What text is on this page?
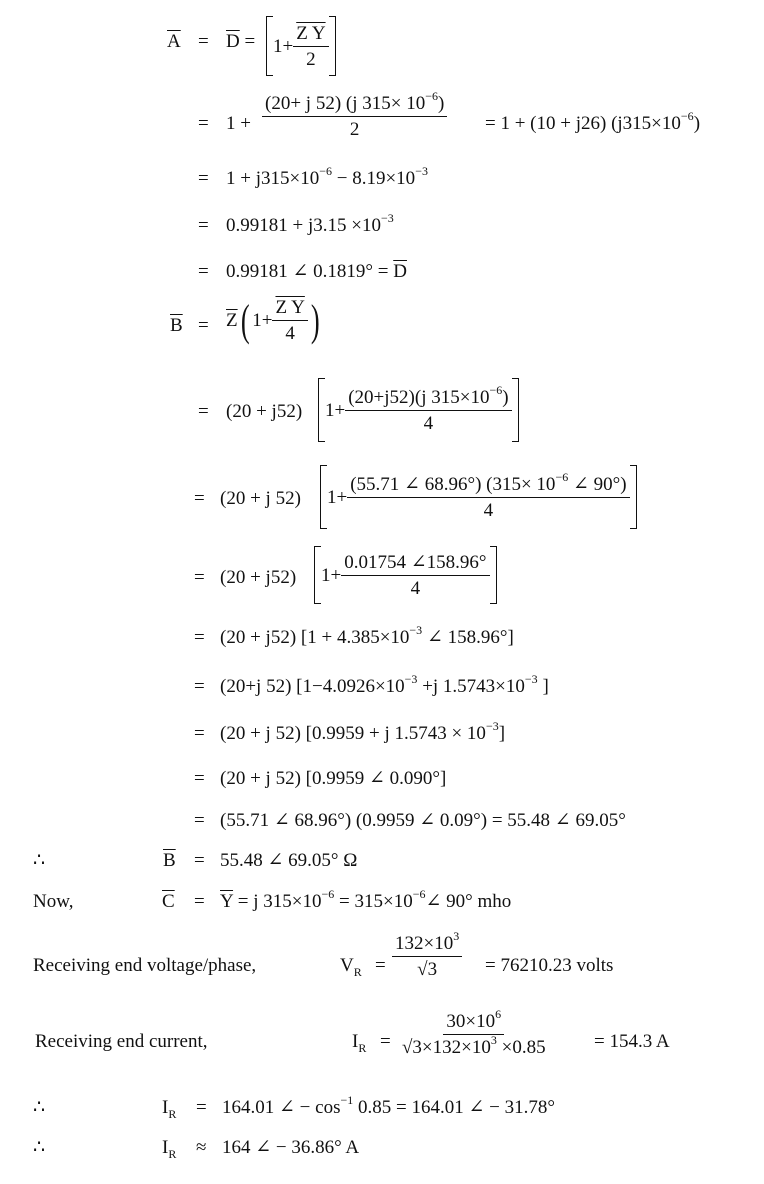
$\overline{A} = \overline{D} = 1+ \frac{\text{Z Y}}{2}$
= $1 + \frac{(20+ j 52) (j 315\times 10^{-6})}{2} = 1 + (10 + j26)$ $(j315\times 10^{-6})$
= $1 + j315\times 10^{-6} - 8.19\times 10^{-3}$
= $0.99181 + j3.15 \times 10^{-3}$
= 0.99181 ∠ $0.1819^\circ = \overline{D}$
$\overline{B} = \overline{Z}$ ( $1+ \frac{\text{Z Y}}{4}$ )
= (20 + j52) $1+ \frac{(20+j52)(j 315\times 10^{-6})}{4}$
= (20 + j 52) $1+ \frac{(55.71 \angle 68.96^\circ) (315\times 10^{-6} \angle 90^\circ)}{4}$
= (20 + j52) $1+ \frac{0.01754 \angle 158.96^\circ}{4}$
= (20 + j52) [$1 + 4.385\times 10^{-3}$ ∠ 158.96°]
= (20+j 52) [$1-4.0926\times 10^{-3} +j$ $1.5743\times 10^{-3}$ ]
= (20 + j 52) [0.9959 + j $1.5743 \times 10^{-3}$]
= (20 + j 52) [0.9959 ∠ 0.090°]
= (55.71 ∠ 68.96°) (0.9959 ∠ 0.09°) = 55.48 ∠ 69.05°
∴	$\overline{B} = 55.48$ ∠ 69.05° Ω
Now,	$\overline{C} = \overline{Y} = j$ $315\times 10^{-6}$ = $315\times 10^{-6}\angle$ 90° mho
Receiving end voltage/phase,	$V_R = \frac{132\times 10^3}{√3} = 76210.23$ volts
Receiving end current,	$I_R = \frac{30\times 10^6}{√3\times 132\times 10^3 \times 0.85}$	= 154.3 A
∴	$I_R = 164.01$ ∠ − $\cos^{-1} 0.85 = 164.01$ ∠ − 31.78°
∴	$I_R \approx 164$ ∠ − 36.86° A
